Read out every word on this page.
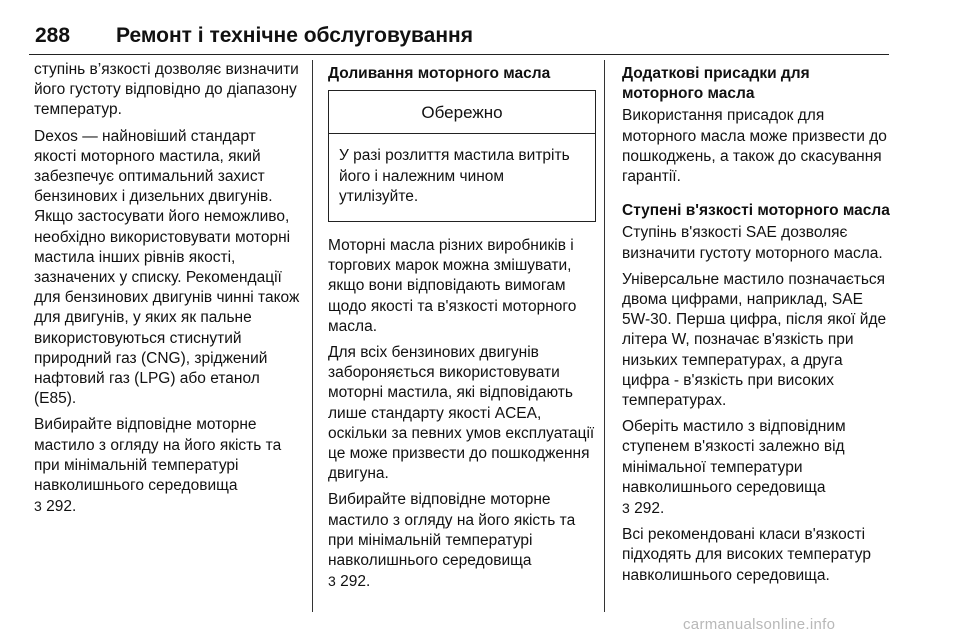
288 Ремонт і технічне обслуговування

ступінь в’язкості дозволяє визначити його густоту відповідно до діапазону температур.

Dexos — найновіший стандарт якості моторного мастила, який забезпечує оптимальний захист бензинових і дизельних двигунів. Якщо застосувати його неможливо, необхідно використовувати моторні мастила інших рівнів якості, зазначених у списку. Рекомендації для бензинових двигунів чинні також для двигунів, у яких як пальне використовуються стиснутий природний газ (CNG), зріджений нафтовий газ (LPG) або етанол (E85).

Вибирайте відповідне моторне мастило з огляду на його якість та при мінімальній температурі навколишнього середовища
3 292.

Доливання моторного масла
Обережно
У разі розлиття мастила витріть його і належним чином утилізуйте.

Моторні масла різних виробників і торгових марок можна змішувати, якщо вони відповідають вимогам щодо якості та в'язкості моторного масла.

Для всіх бензинових двигунів забороняється використовувати моторні мастила, які відповідають лише стандарту якості ACEA, оскільки за певних умов експлуатації це може призвести до пошкодження двигуна.

Вибирайте відповідне моторне мастило з огляду на його якість та при мінімальній температурі навколишнього середовища
3 292.

Додаткові присадки для моторного масла

Використання присадок для моторного масла може призвести до пошкоджень, а також до скасування гарантії.

Ступені в'язкості моторного масла

Ступінь в'язкості SAE дозволяє визначити густоту моторного масла.

Універсальне мастило позначається двома цифрами, наприклад, SAE 5W-30. Перша цифра, після якої йде літера W, позначає в'язкість при низьких температурах, а друга цифра - в'язкість при високих температурах.

Оберіть мастило з відповідним ступенем в'язкості залежно від мінімальної температури навколишнього середовища
3 292.

Всі рекомендовані класи в'язкості підходять для високих температур навколишнього середовища.

carmanualsonline.info
